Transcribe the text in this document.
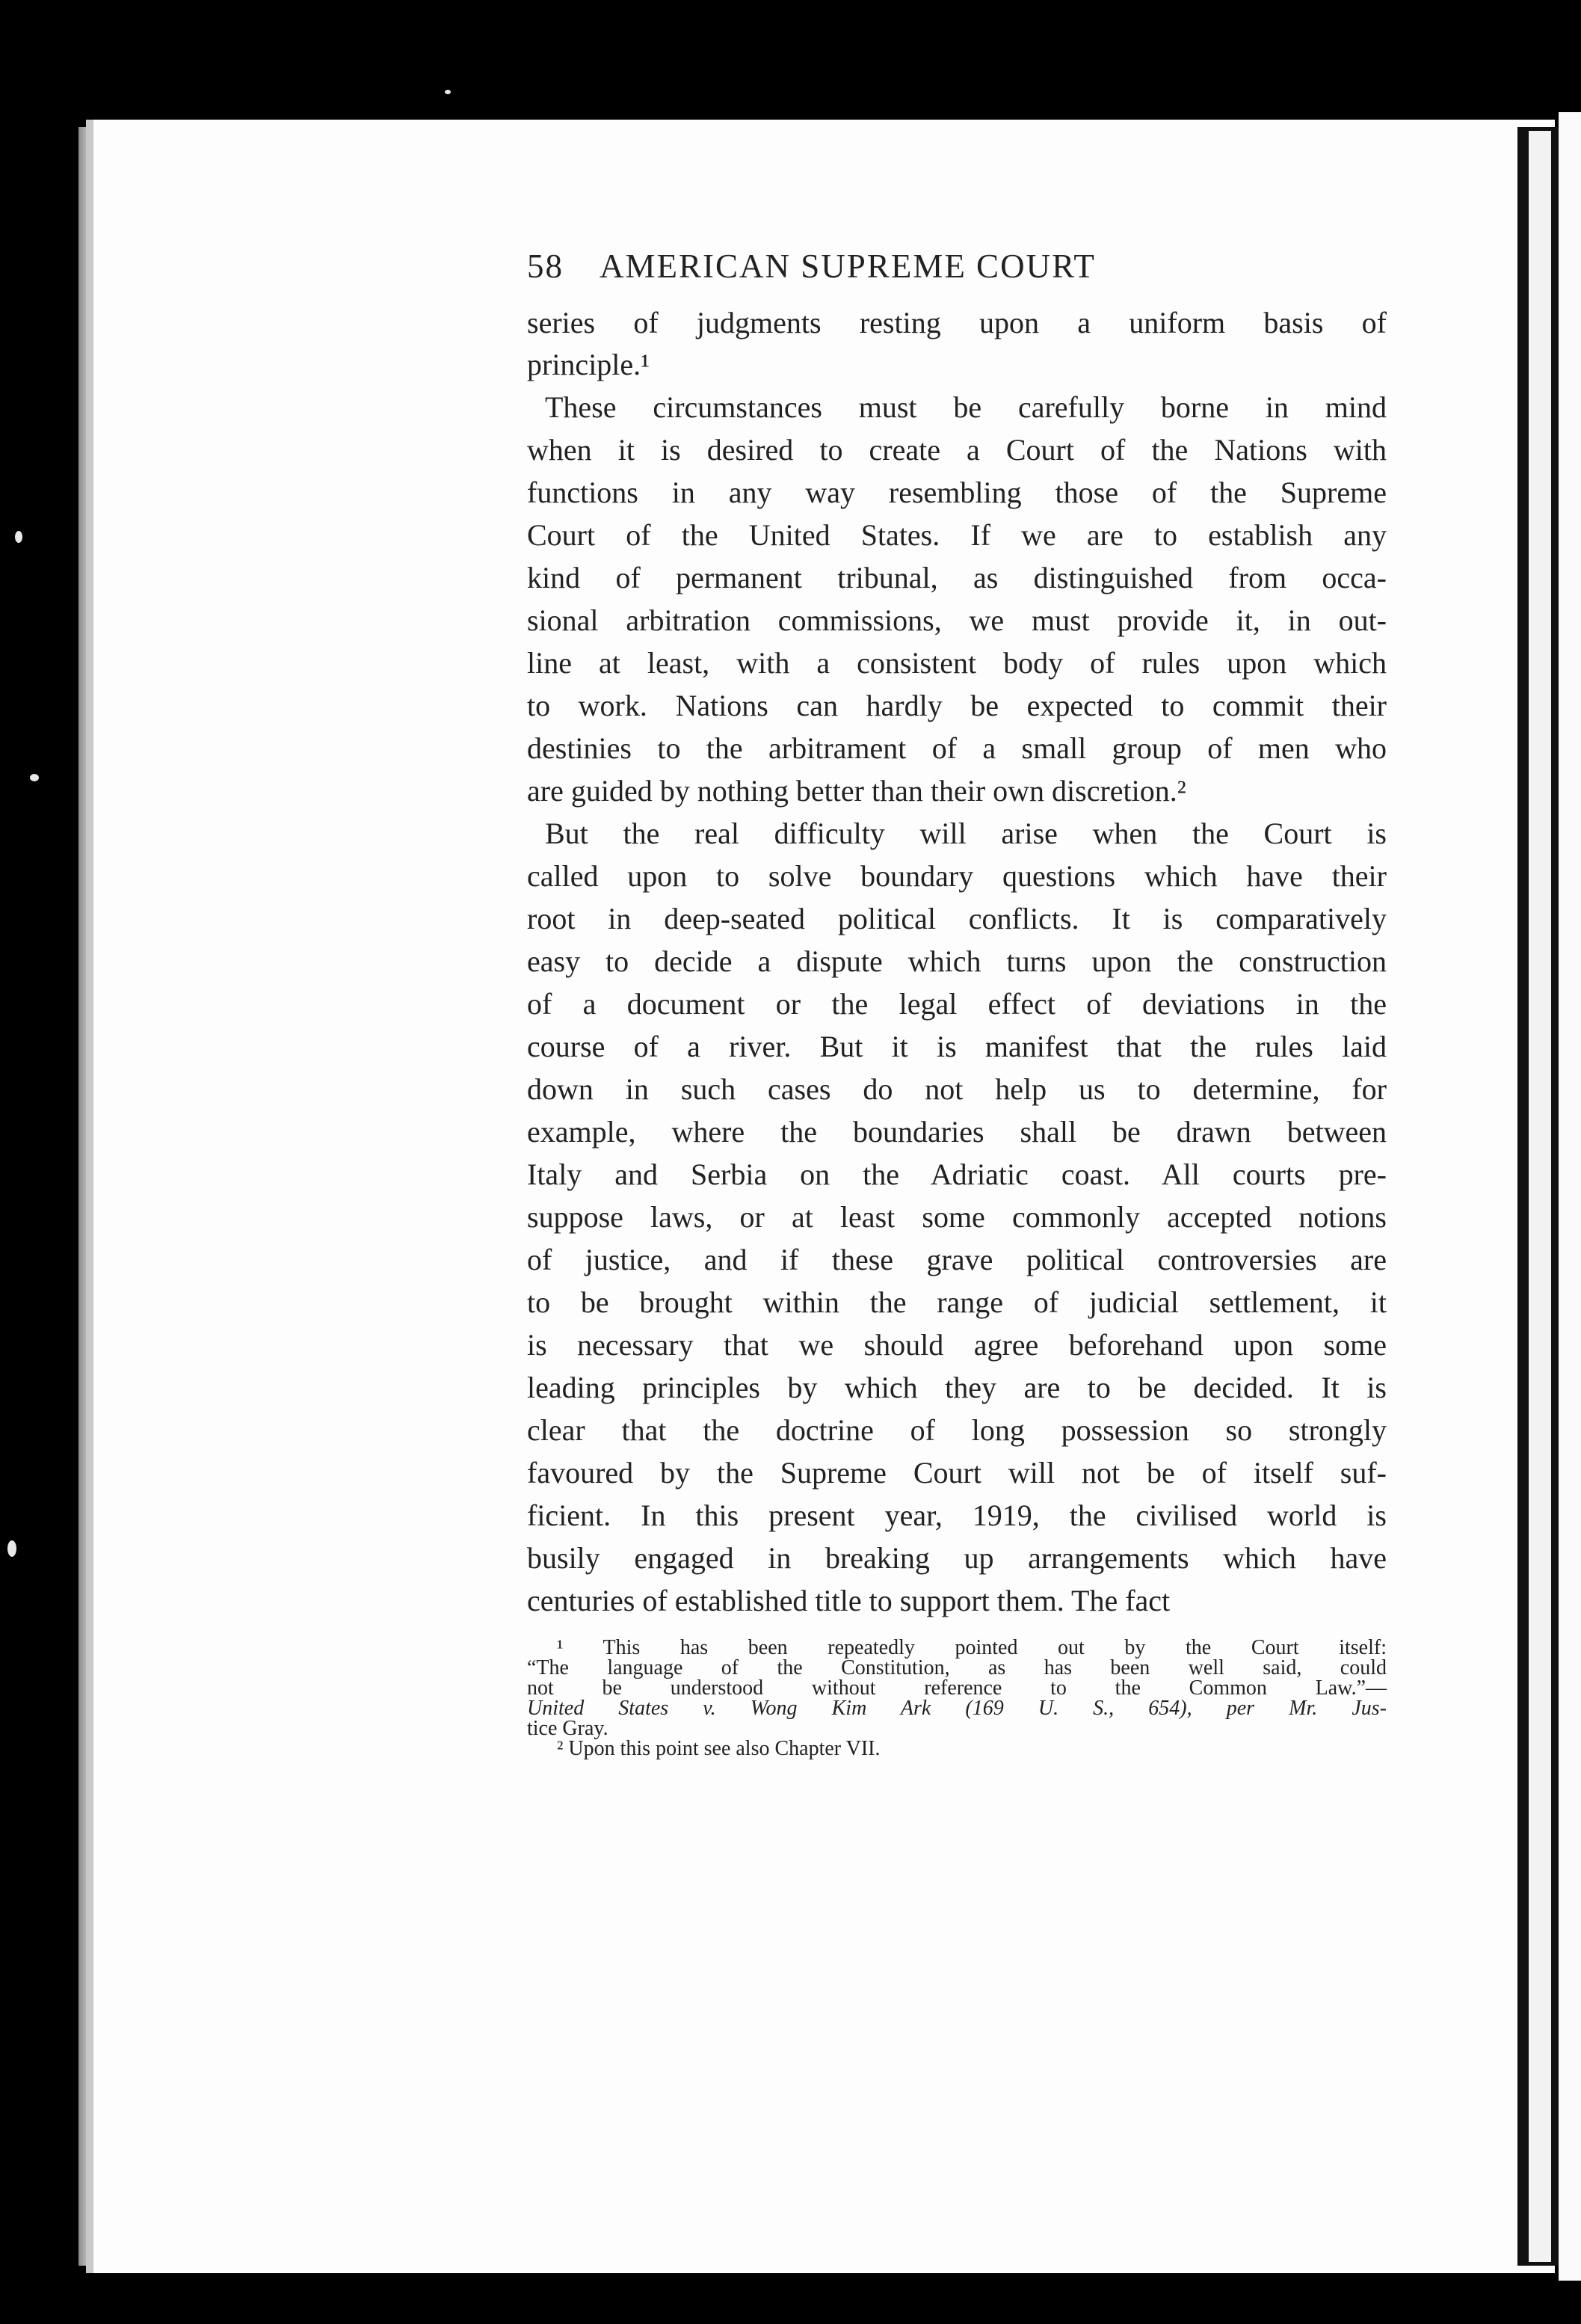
58 AMERICAN SUPREME COURT
series of judgments resting upon a uniform basis of
principle.¹
These circumstances must be carefully borne in mind
when it is desired to create a Court of the Nations with
functions in any way resembling those of the Supreme
Court of the United States. If we are to establish any
kind of permanent tribunal, as distinguished from occa-
sional arbitration commissions, we must provide it, in out-
line at least, with a consistent body of rules upon which
to work. Nations can hardly be expected to commit their
destinies to the arbitrament of a small group of men who
are guided by nothing better than their own discretion.²
But the real difficulty will arise when the Court is
called upon to solve boundary questions which have their
root in deep-seated political conflicts. It is comparatively
easy to decide a dispute which turns upon the construction
of a document or the legal effect of deviations in the
course of a river. But it is manifest that the rules laid
down in such cases do not help us to determine, for
example, where the boundaries shall be drawn between
Italy and Serbia on the Adriatic coast. All courts pre-
suppose laws, or at least some commonly accepted notions
of justice, and if these grave political controversies are
to be brought within the range of judicial settlement, it
is necessary that we should agree beforehand upon some
leading principles by which they are to be decided. It is
clear that the doctrine of long possession so strongly
favoured by the Supreme Court will not be of itself suf-
ficient. In this present year, 1919, the civilised world is
busily engaged in breaking up arrangements which have
centuries of established title to support them. The fact
¹ This has been repeatedly pointed out by the Court itself:
“The language of the Constitution, as has been well said, could
not be understood without reference to the Common Law.”—
United States v. Wong Kim Ark (169 U. S., 654), per Mr. Jus-
tice Gray.
² Upon this point see also Chapter VII.
